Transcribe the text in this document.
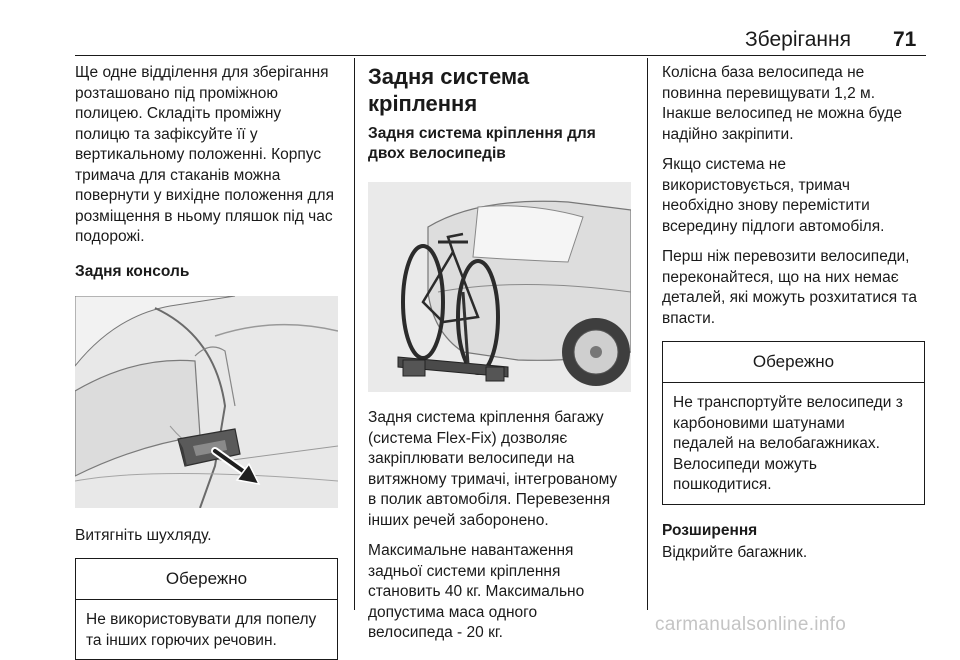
Зберігання 71

Ще одне відділення для зберігання
розташовано під проміжною
полицею. Складіть проміжну
полицю та зафіксуйте її у
вертикальному положенні. Корпус
тримача для стаканів можна
повернути у вихідне положення для
розміщення в ньому пляшок під час
подорожі.

Задня консоль

Витягніть шухляду.

Обережно
Не використовувати для попелу
та інших горючих речовин.
Задня система кріплення
Задня система кріплення для
двох велосипедів

Задня система кріплення багажу
(система Flex-Fix) дозволяє
закріплювати велосипеди на
витяжному тримачі, інтегрованому
в полик автомобіля. Перевезення
інших речей заборонено.

Максимальне навантаження
задньої системи кріплення
становить 40 кг. Максимально
допустима маса одного
велосипеда - 20 кг.

Колісна база велосипеда не
повинна перевищувати 1,2 м.
Інакше велосипед не можна буде
надійно закріпити.

Якщо система не
використовується, тримач
необхідно знову перемістити
всередину підлоги автомобіля.

Перш ніж перевозити велосипеди,
переконайтеся, що на них немає
деталей, які можуть розхитатися та
впасти.

Обережно
Не транспортуйте велосипеди з
карбоновими шатунами
педалей на велобагажниках.
Велосипеди можуть
пошкодитися.
Розширення

Відкрийте багажник.

carmanualsonline.info
